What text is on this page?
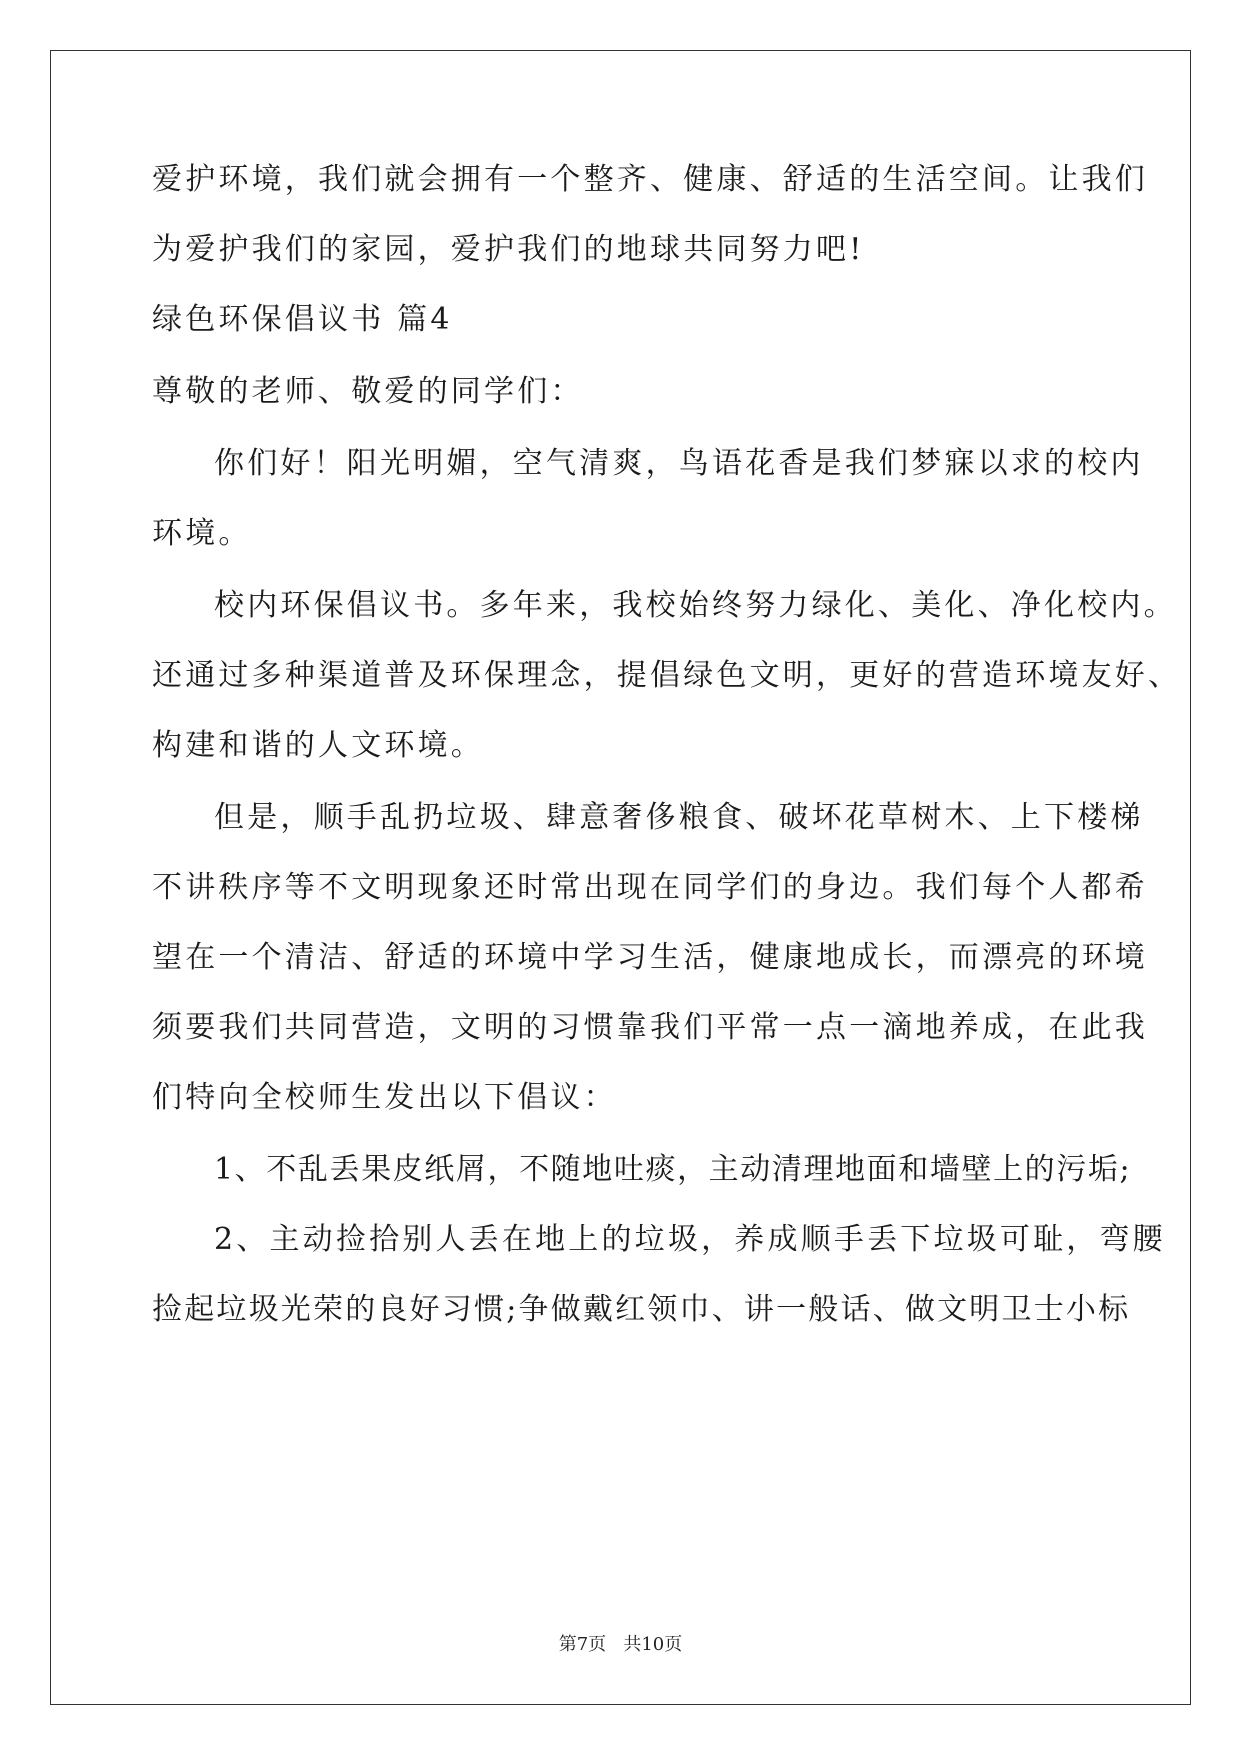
爱护环境，我们就会拥有一个整齐、健康、舒适的生活空间。让我们
为爱护我们的家园，爱护我们的地球共同努力吧!
绿色环保倡议书 篇4
尊敬的老师、敬爱的同学们：
你们好！阳光明媚，空气清爽，鸟语花香是我们梦寐以求的校内
环境。
校内环保倡议书。多年来，我校始终努力绿化、美化、净化校内。
还通过多种渠道普及环保理念，提倡绿色文明，更好的营造环境友好、
构建和谐的人文环境。
但是，顺手乱扔垃圾、肆意奢侈粮食、破坏花草树木、上下楼梯
不讲秩序等不文明现象还时常出现在同学们的身边。我们每个人都希
望在一个清洁、舒适的环境中学习生活，健康地成长，而漂亮的环境
须要我们共同营造，文明的习惯靠我们平常一点一滴地养成，在此我
们特向全校师生发出以下倡议：
1、不乱丢果皮纸屑，不随地吐痰，主动清理地面和墙壁上的污垢;
2、主动捡拾别人丢在地上的垃圾，养成顺手丢下垃圾可耻，弯腰
捡起垃圾光荣的良好习惯;争做戴红领巾、讲一般话、做文明卫士小标
第7页   共10页
